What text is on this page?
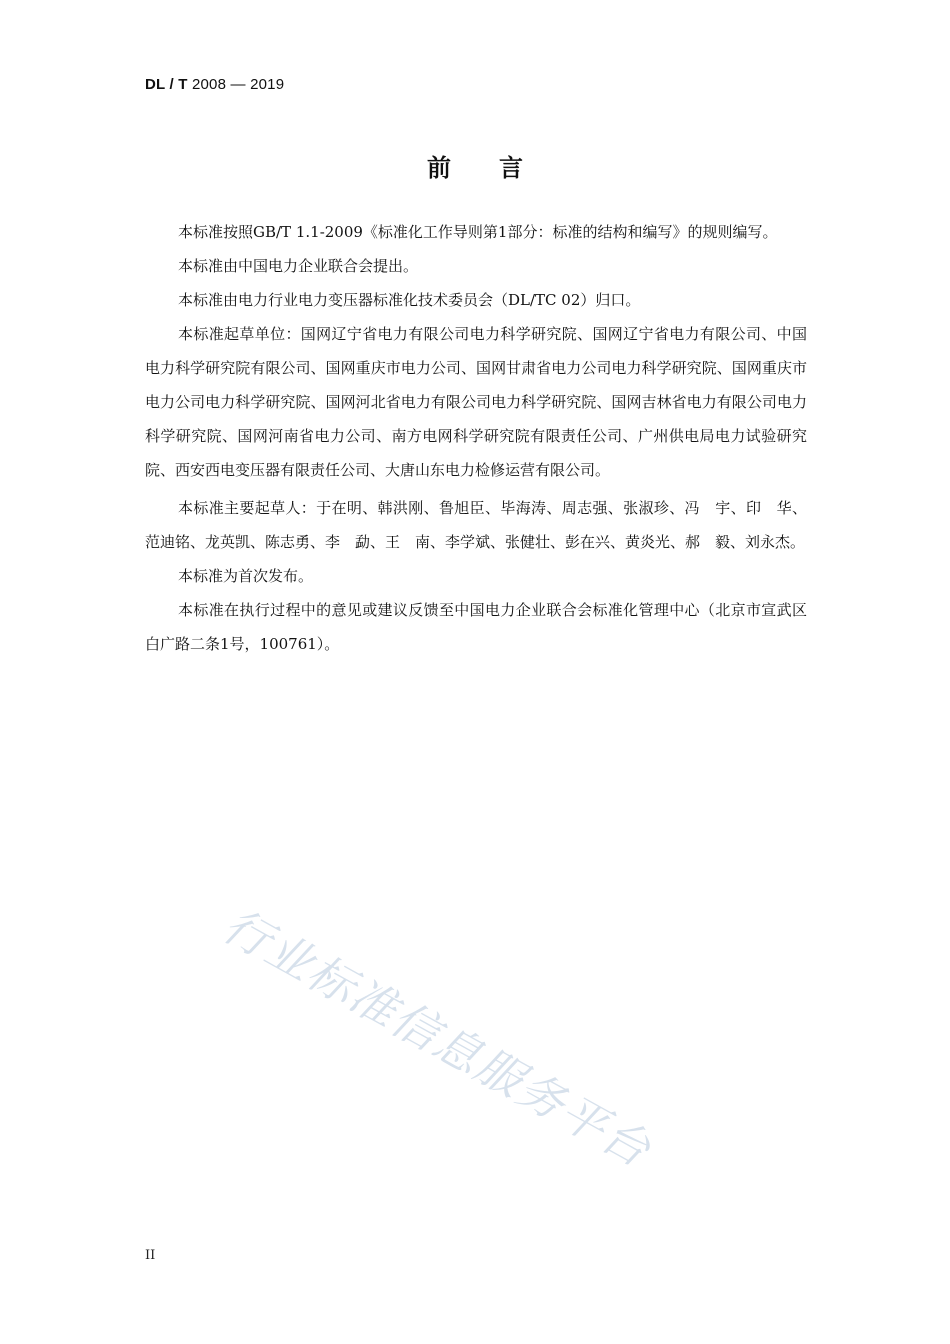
DL / T 2008 — 2019
前言

本标准按照GB/T 1.1-2009《标准化工作导则第1部分：标准的结构和编写》的规则编写。

本标准由中国电力企业联合会提出。

本标准由电力行业电力变压器标准化技术委员会（DL/TC 02）归口。

本标准起草单位：国网辽宁省电力有限公司电力科学研究院、国网辽宁省电力有限公司、中国电力科学研究院有限公司、国网重庆市电力公司、国网甘肃省电力公司电力科学研究院、国网重庆市电力公司电力科学研究院、国网河北省电力有限公司电力科学研究院、国网吉林省电力有限公司电力科学研究院、国网河南省电力公司、南方电网科学研究院有限责任公司、广州供电局电力试验研究院、西安西电变压器有限责任公司、大唐山东电力检修运营有限公司。

本标准主要起草人：于在明、韩洪刚、鲁旭臣、毕海涛、周志强、张淑珍、冯　宇、印　华、范迪铭、龙英凯、陈志勇、李　勐、王　南、李学斌、张健壮、彭在兴、黄炎光、郝　毅、刘永杰。

本标准为首次发布。

本标准在执行过程中的意见或建议反馈至中国电力企业联合会标准化管理中心（北京市宣武区白广路二条1号，100761）。

行业标准信息服务平台
II
